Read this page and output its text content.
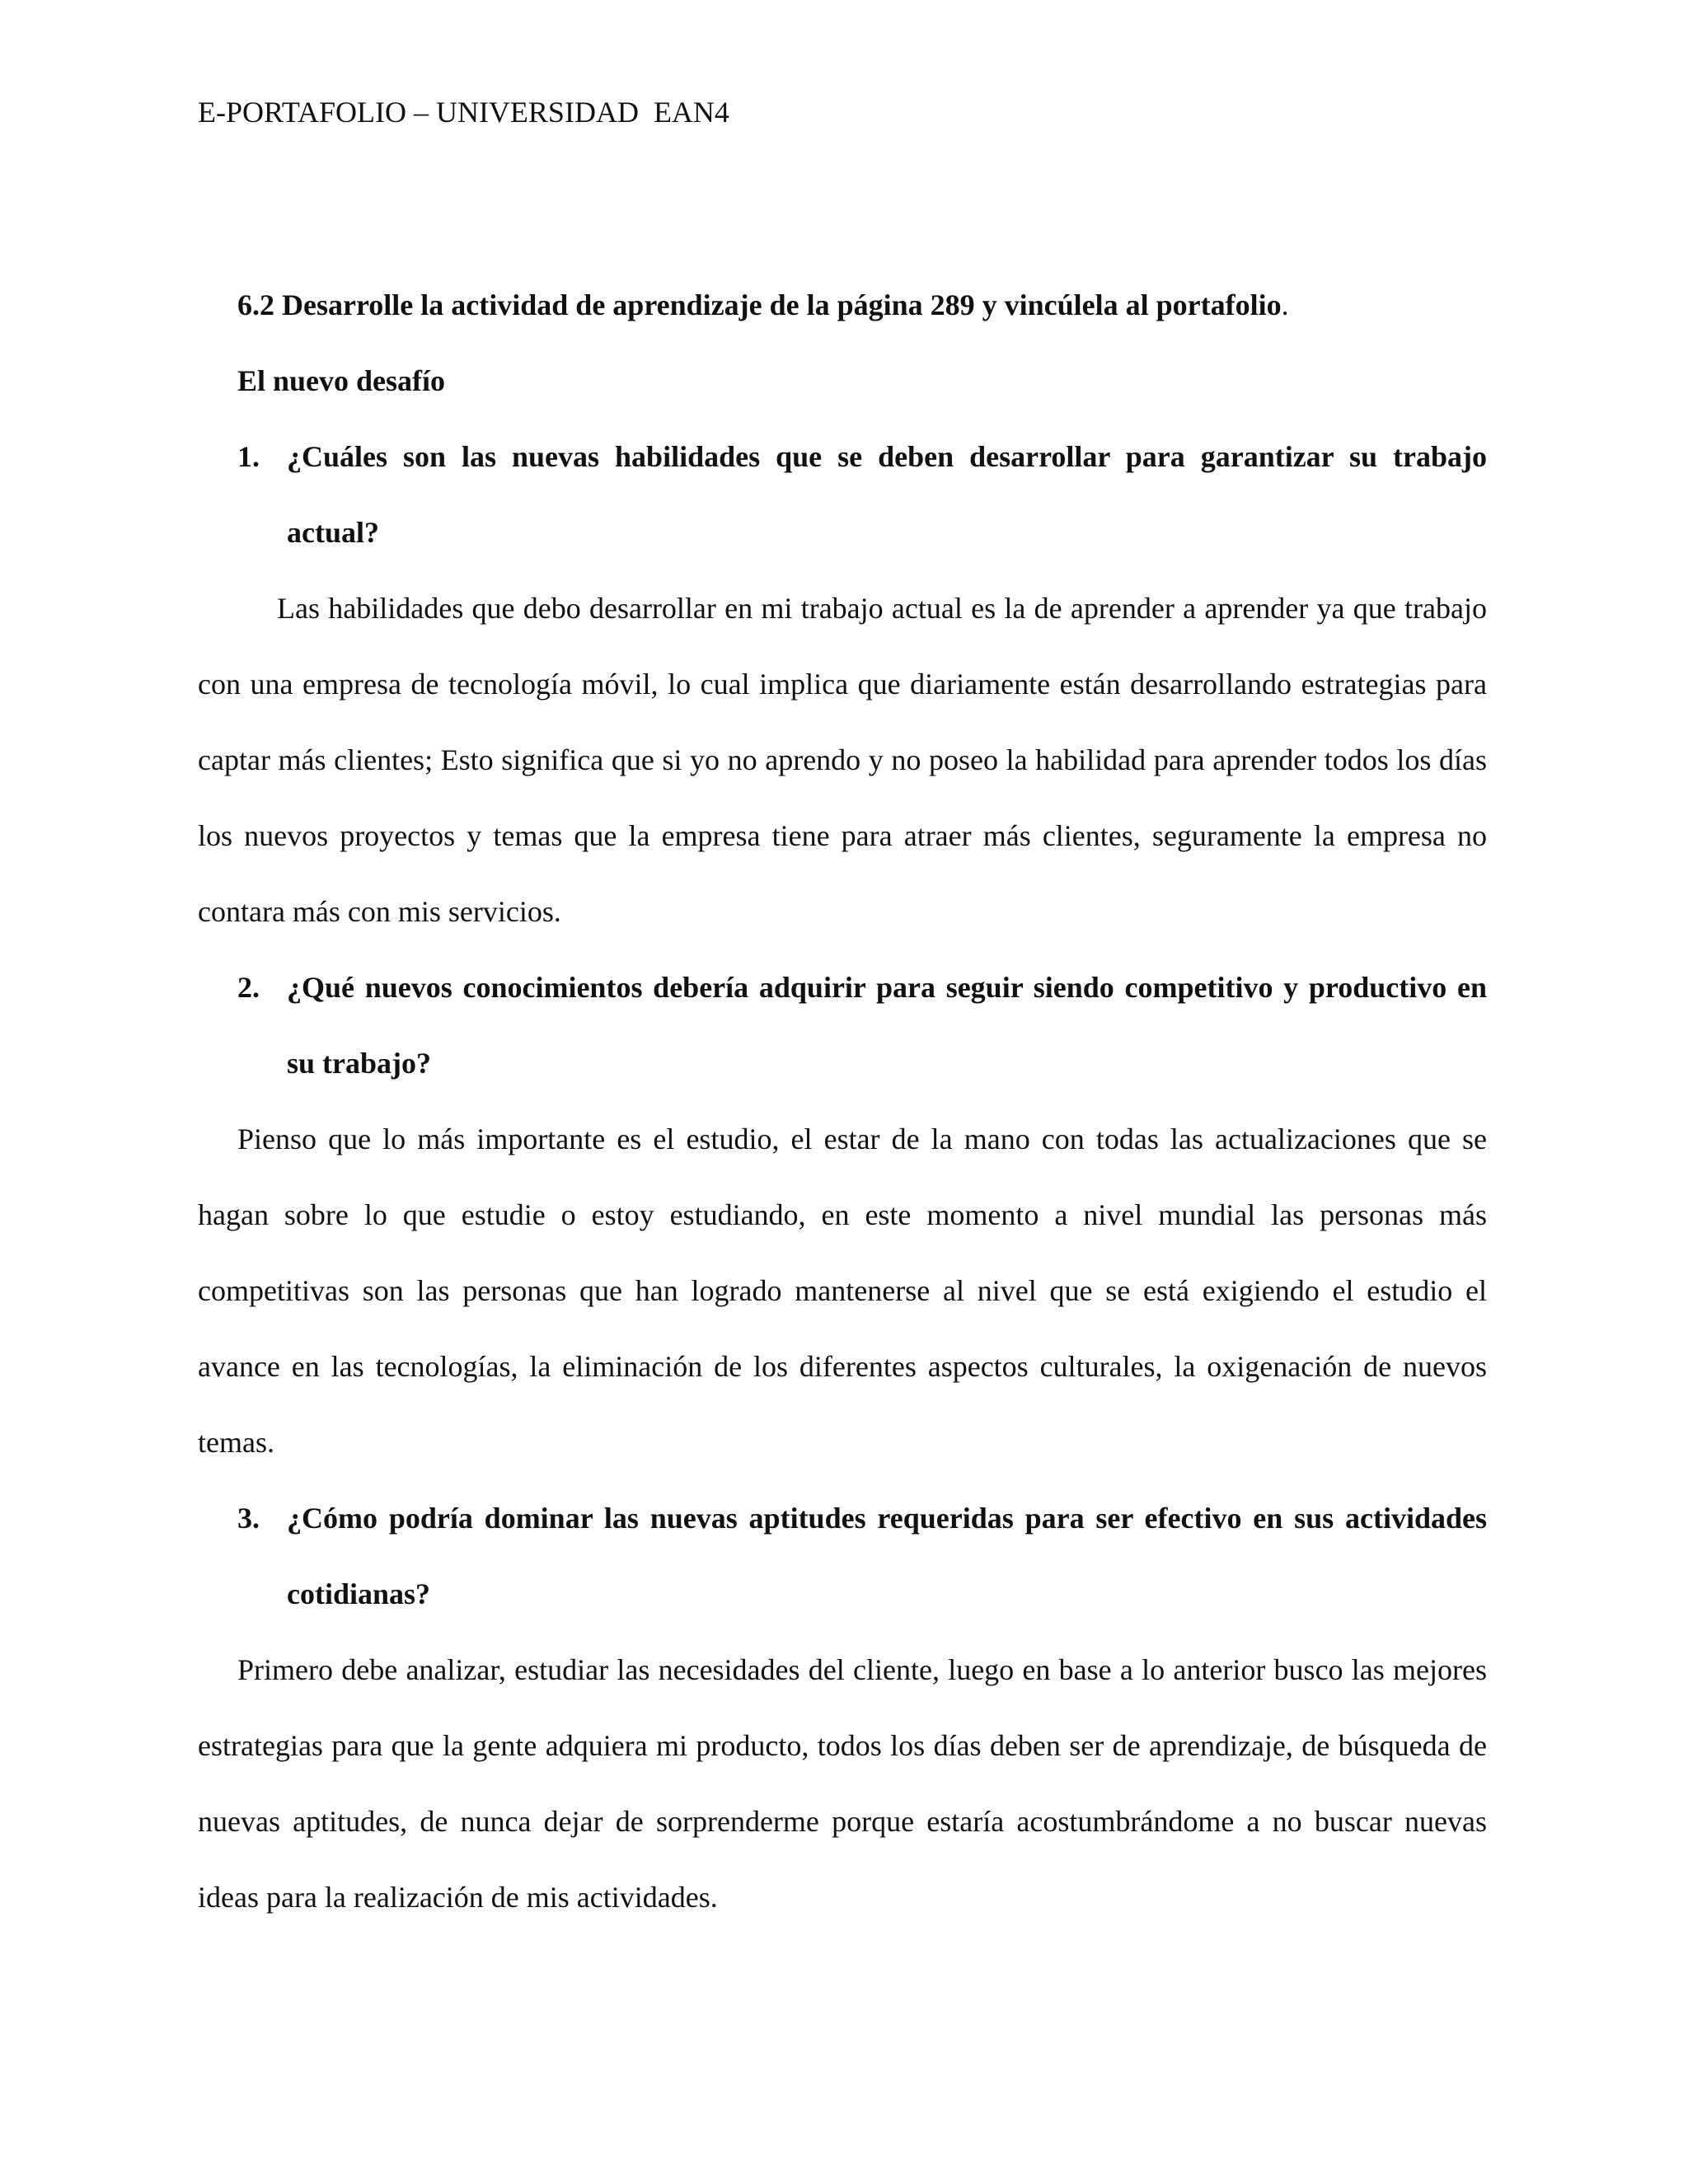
E-PORTAFOLIO – UNIVERSIDAD  EAN4

6.2 Desarrolle la actividad de aprendizaje de la página 289 y vincúlela al portafolio.

El nuevo desafío

1. ¿Cuáles son las nuevas habilidades que se deben desarrollar para garantizar su trabajo actual?

Las habilidades que debo desarrollar en mi trabajo actual es la de aprender a aprender ya que trabajo con una empresa de tecnología móvil, lo cual implica que diariamente están desarrollando estrategias para captar más clientes; Esto significa que si yo no aprendo y no poseo la habilidad para aprender todos los días los nuevos proyectos y temas que la empresa tiene para atraer más clientes, seguramente la empresa no contara más con mis servicios.

2. ¿Qué nuevos conocimientos debería adquirir para seguir siendo competitivo y productivo en su trabajo?

Pienso que lo más importante es el estudio, el estar de la mano con todas las actualizaciones que se hagan sobre lo que estudie o estoy estudiando, en este momento a nivel mundial las personas más competitivas son las personas que han logrado mantenerse al nivel que se está exigiendo el estudio el avance en las tecnologías, la eliminación de los diferentes aspectos culturales, la oxigenación de nuevos temas.

3. ¿Cómo podría dominar las nuevas aptitudes requeridas para ser efectivo en sus actividades cotidianas?

Primero debe analizar, estudiar las necesidades del cliente, luego en base a lo anterior busco las mejores estrategias para que la gente adquiera mi producto, todos los días deben ser de aprendizaje, de búsqueda de nuevas aptitudes, de nunca dejar de sorprenderme porque estaría acostumbrándome a no buscar nuevas ideas para la realización de mis actividades.
